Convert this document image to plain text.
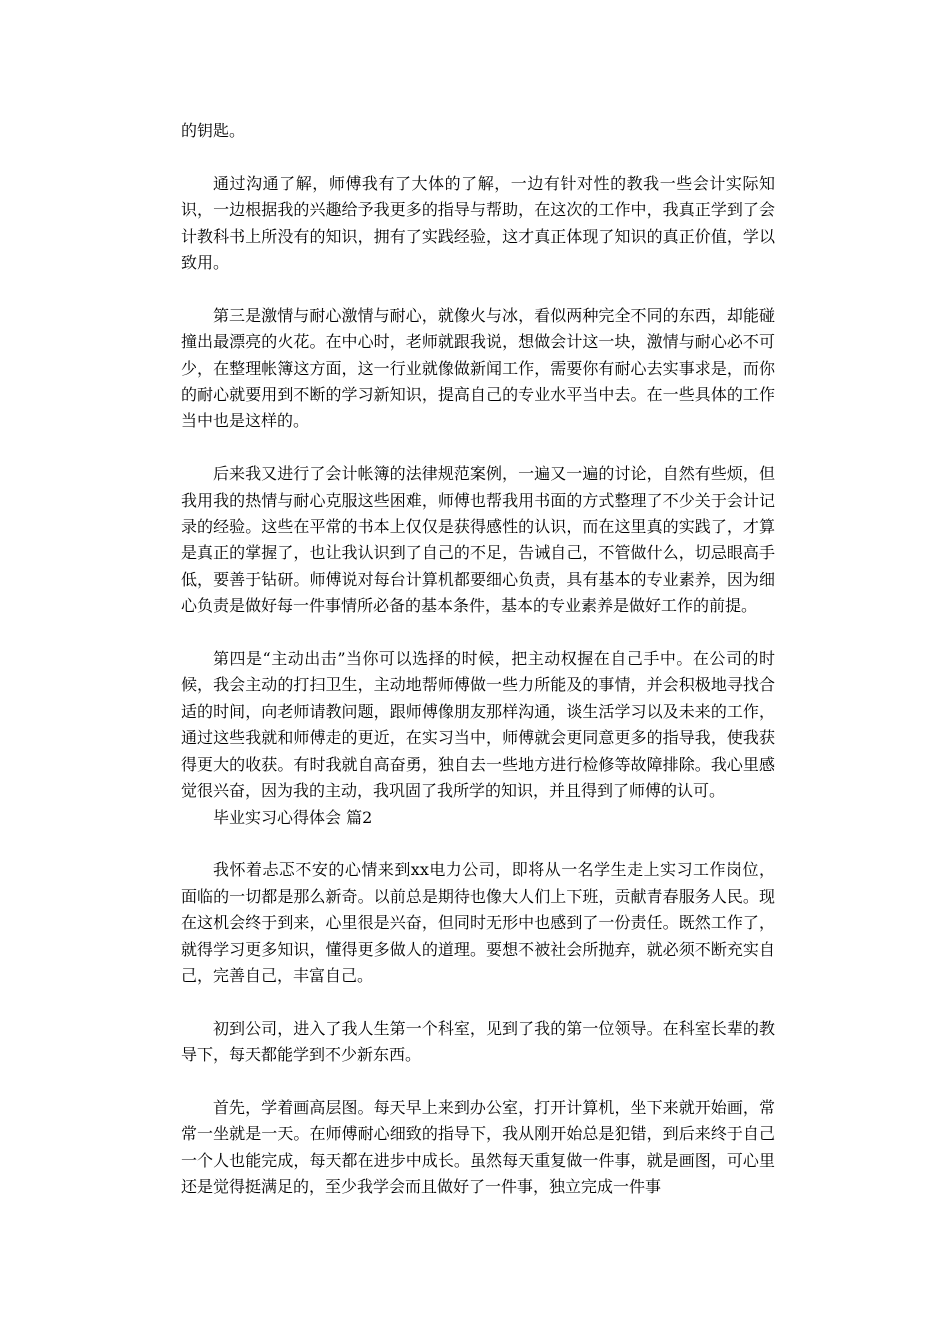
的钥匙。

通过沟通了解，师傅我有了大体的了解，一边有针对性的教我一些会计实际知识，一边根据我的兴趣给予我更多的指导与帮助，在这次的工作中，我真正学到了会计教科书上所没有的知识，拥有了实践经验，这才真正体现了知识的真正价值，学以致用。

第三是激情与耐心激情与耐心，就像火与冰，看似两种完全不同的东西，却能碰撞出最漂亮的火花。在中心时，老师就跟我说，想做会计这一块，激情与耐心必不可少，在整理帐簿这方面，这一行业就像做新闻工作，需要你有耐心去实事求是，而你的耐心就要用到不断的学习新知识，提高自己的专业水平当中去。在一些具体的工作当中也是这样的。

后来我又进行了会计帐簿的法律规范案例，一遍又一遍的讨论，自然有些烦，但我用我的热情与耐心克服这些困难，师傅也帮我用书面的方式整理了不少关于会计记录的经验。这些在平常的书本上仅仅是获得感性的认识，而在这里真的实践了，才算是真正的掌握了，也让我认识到了自己的不足，告诫自己，不管做什么，切忌眼高手低，要善于钻研。师傅说对每台计算机都要细心负责，具有基本的专业素养，因为细心负责是做好每一件事情所必备的基本条件，基本的专业素养是做好工作的前提。

第四是“主动出击”当你可以选择的时候，把主动权握在自己手中。在公司的时候，我会主动的打扫卫生，主动地帮师傅做一些力所能及的事情，并会积极地寻找合适的时间，向老师请教问题，跟师傅像朋友那样沟通，谈生活学习以及未来的工作，通过这些我就和师傅走的更近，在实习当中，师傅就会更同意更多的指导我，使我获得更大的收获。有时我就自高奋勇，独自去一些地方进行检修等故障排除。我心里感觉很兴奋，因为我的主动，我巩固了我所学的知识，并且得到了师傅的认可。

毕业实习心得体会 篇2

我怀着忐忑不安的心情来到xx电力公司，即将从一名学生走上实习工作岗位，面临的一切都是那么新奇。以前总是期待也像大人们上下班，贡献青春服务人民。现在这机会终于到来，心里很是兴奋，但同时无形中也感到了一份责任。既然工作了，就得学习更多知识，懂得更多做人的道理。要想不被社会所抛弃，就必须不断充实自己，完善自己，丰富自己。

初到公司，进入了我人生第一个科室，见到了我的第一位领导。在科室长辈的教导下，每天都能学到不少新东西。

首先，学着画高层图。每天早上来到办公室，打开计算机，坐下来就开始画，常常一坐就是一天。在师傅耐心细致的指导下，我从刚开始总是犯错，到后来终于自己一个人也能完成，每天都在进步中成长。虽然每天重复做一件事，就是画图，可心里还是觉得挺满足的，至少我学会而且做好了一件事，独立完成一件事
